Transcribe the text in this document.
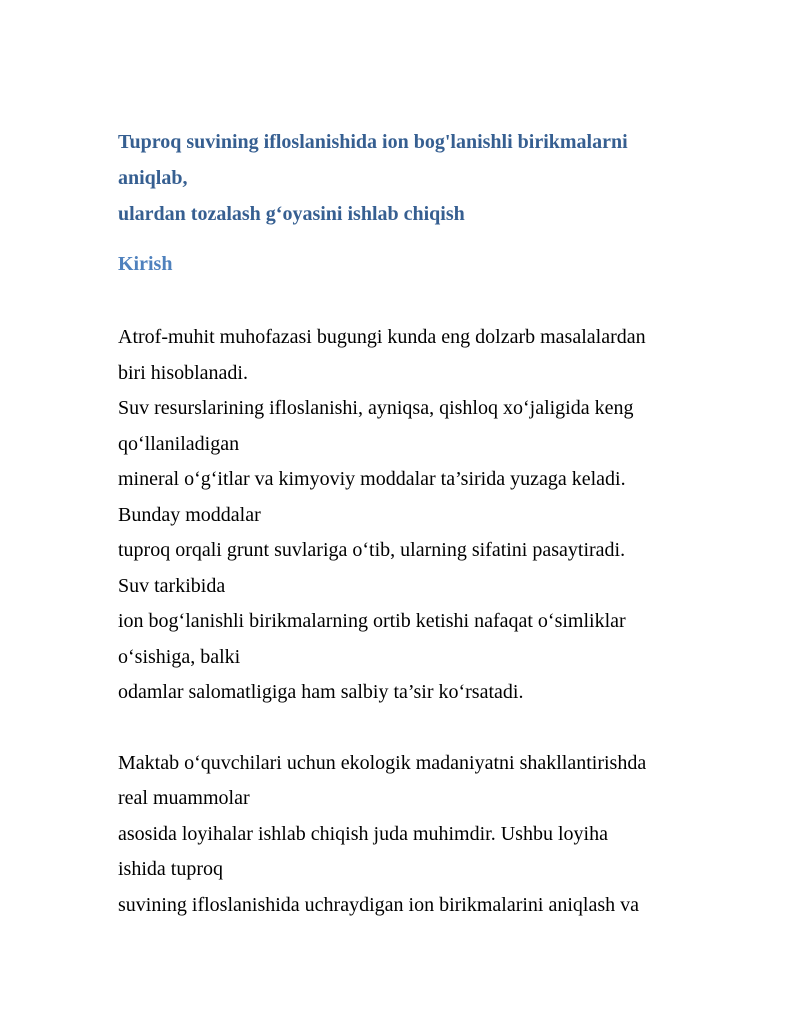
Tuproq suvining ifloslanishida ion bog'lanishli birikmalarni
aniqlab,
ulardan tozalash g‘oyasini ishlab chiqish
Kirish

Atrof-muhit muhofazasi bugungi kunda eng dolzarb masalalardan
biri hisoblanadi.
Suv resurslarining ifloslanishi, ayniqsa, qishloq xo‘jaligida keng
qo‘llaniladigan
mineral o‘g‘itlar va kimyoviy moddalar ta’sirida yuzaga keladi.
Bunday moddalar
tuproq orqali grunt suvlariga o‘tib, ularning sifatini pasaytiradi.
Suv tarkibida
ion bog‘lanishli birikmalarning ortib ketishi nafaqat o‘simliklar
o‘sishiga, balki
odamlar salomatligiga ham salbiy ta’sir ko‘rsatadi.

Maktab o‘quvchilari uchun ekologik madaniyatni shakllantirishda
real muammolar
asosida loyihalar ishlab chiqish juda muhimdir. Ushbu loyiha
ishida tuproq
suvining ifloslanishida uchraydigan ion birikmalarini aniqlash va
